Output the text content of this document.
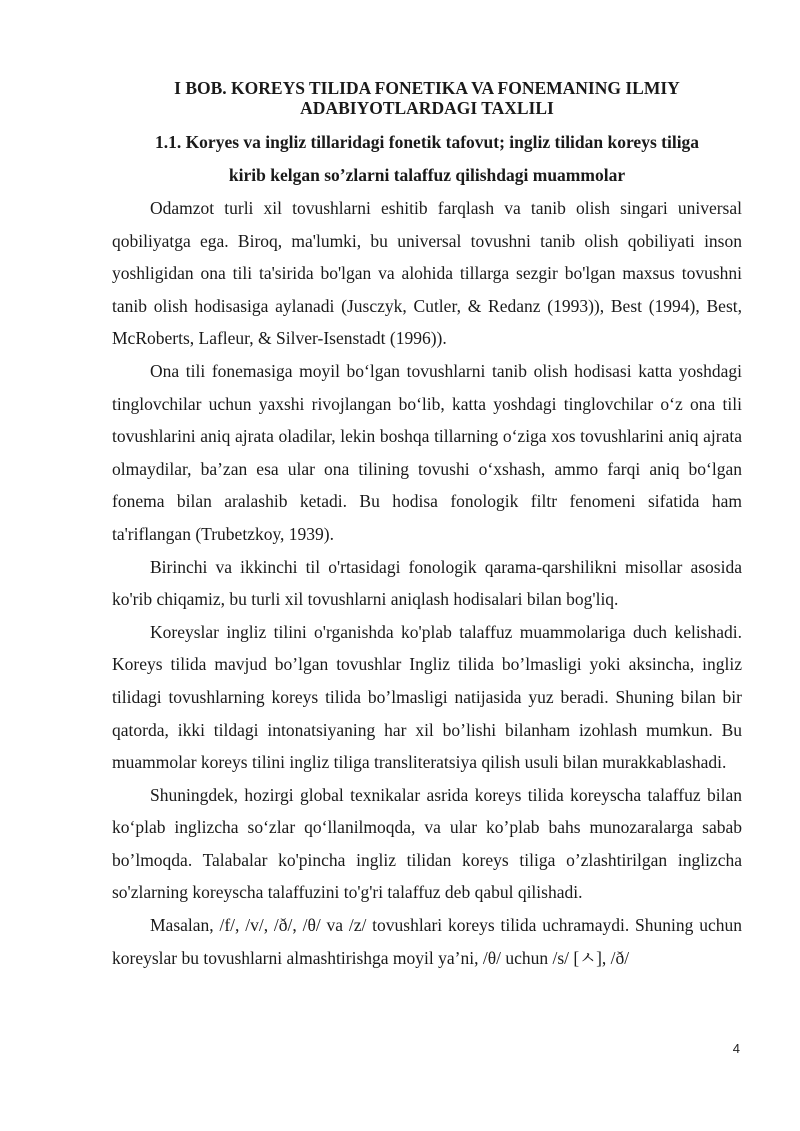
I BOB. KOREYS TILIDA FONETIKA VA FONEMANING ILMIY
ADABIYOTLARDAGI TAXLILI
1.1. Koryes va ingliz tillaridagi fonetik tafovut; ingliz tilidan koreys tiliga
kirib kelgan so’zlarni talaffuz qilishdagi muammolar

Odamzot turli xil tovushlarni eshitib farqlash va tanib olish singari universal qobiliyatga ega. Biroq, ma'lumki, bu universal tovushni tanib olish qobiliyati inson yoshligidan ona tili ta'sirida bo'lgan va alohida tillarga sezgir bo'lgan maxsus tovushni tanib olish hodisasiga aylanadi (Jusczyk, Cutler, & Redanz (1993)), Best (1994), Best, McRoberts, Lafleur, & Silver-Isenstadt (1996)).

Ona tili fonemasiga moyil bo‘lgan tovushlarni tanib olish hodisasi katta yoshdagi tinglovchilar uchun yaxshi rivojlangan bo‘lib, katta yoshdagi tinglovchilar o‘z ona tili tovushlarini aniq ajrata oladilar, lekin boshqa tillarning o‘ziga xos tovushlarini aniq ajrata olmaydilar, ba’zan esa ular ona tilining tovushi o‘xshash, ammo farqi aniq bo‘lgan fonema bilan aralashib ketadi. Bu hodisa fonologik filtr fenomeni sifatida ham ta'riflangan (Trubetzkoy, 1939).

Birinchi va ikkinchi til o'rtasidagi fonologik qarama-qarshilikni misollar asosida ko'rib chiqamiz, bu turli xil tovushlarni aniqlash hodisalari bilan bog'liq.

Koreyslar ingliz tilini o'rganishda ko'plab talaffuz muammolariga duch kelishadi. Koreys tilida mavjud bo’lgan tovushlar Ingliz tilida bo’lmasligi yoki aksincha, ingliz tilidagi tovushlarning koreys tilida bo’lmasligi natijasida yuz beradi. Shuning bilan bir qatorda, ikki tildagi intonatsiyaning har xil bo’lishi bilanham izohlash mumkun. Bu muammolar koreys tilini ingliz tiliga transliteratsiya qilish usuli bilan murakkablashadi.

Shuningdek, hozirgi global texnikalar asrida koreys tilida koreyscha talaffuz bilan ko‘plab inglizcha so‘zlar qo‘llanilmoqda, va ular ko’plab bahs munozaralarga sabab bo’lmoqda. Talabalar ko'pincha ingliz tilidan koreys tiliga o’zlashtirilgan inglizcha so'zlarning koreyscha talaffuzini to'g'ri talaffuz deb qabul qilishadi.

Masalan, /f/, /v/, /ð/, /θ/ va /z/ tovushlari koreys tilida uchramaydi. Shuning uchun koreyslar bu tovushlarni almashtirishga moyil ya’ni, /θ/ uchun /s/ [ㅅ], /ð/

4
